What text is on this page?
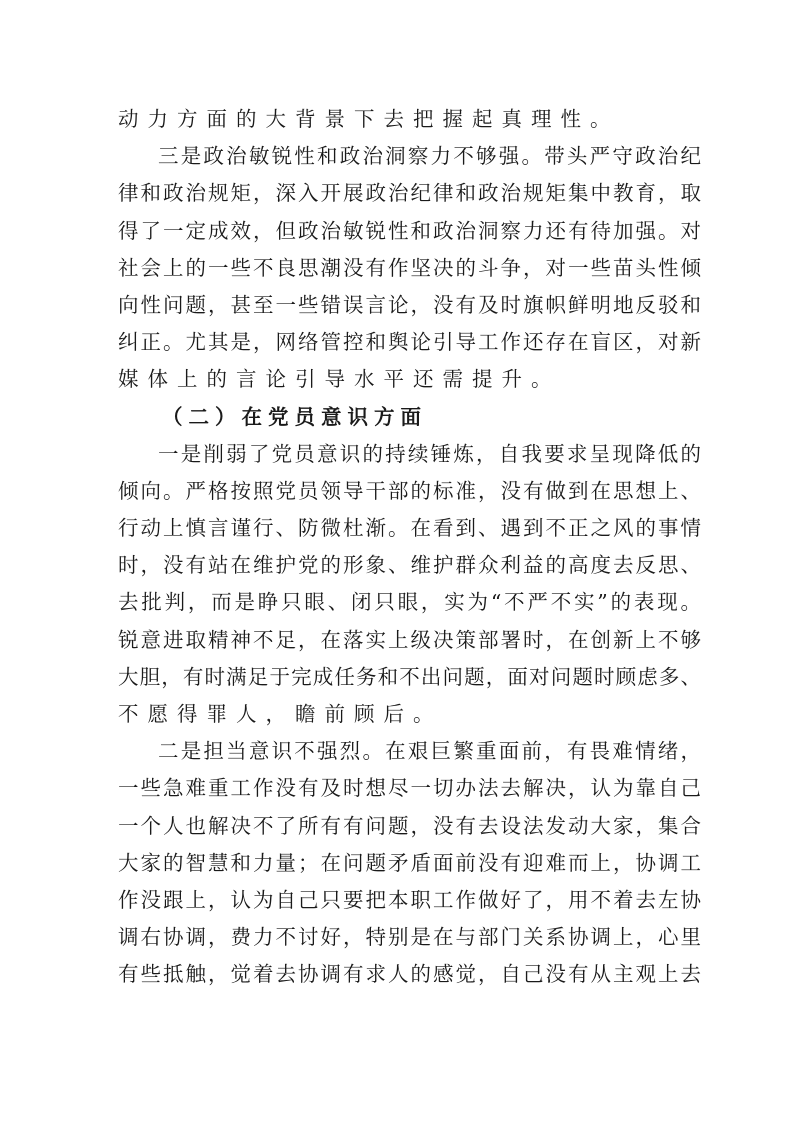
动力方面的大背景下去把握起真理性。
三是政治敏锐性和政治洞察力不够强。带头严守政治纪
律和政治规矩，深入开展政治纪律和政治规矩集中教育，取
得了一定成效，但政治敏锐性和政治洞察力还有待加强。对
社会上的一些不良思潮没有作坚决的斗争，对一些苗头性倾
向性问题，甚至一些错误言论，没有及时旗帜鲜明地反驳和
纠正。尤其是，网络管控和舆论引导工作还存在盲区，对新
媒体上的言论引导水平还需提升。
（二）在党员意识方面
一是削弱了党员意识的持续锤炼，自我要求呈现降低的
倾向。严格按照党员领导干部的标准，没有做到在思想上、
行动上慎言谨行、防微杜渐。在看到、遇到不正之风的事情
时，没有站在维护党的形象、维护群众利益的高度去反思、
去批判，而是睁只眼、闭只眼，实为“不严不实”的表现。
锐意进取精神不足，在落实上级决策部署时，在创新上不够
大胆，有时满足于完成任务和不出问题，面对问题时顾虑多、
不愿得罪人，瞻前顾后。
二是担当意识不强烈。在艰巨繁重面前，有畏难情绪，
一些急难重工作没有及时想尽一切办法去解决，认为靠自己
一个人也解决不了所有有问题，没有去设法发动大家，集合
大家的智慧和力量；在问题矛盾面前没有迎难而上，协调工
作没跟上，认为自己只要把本职工作做好了，用不着去左协
调右协调，费力不讨好，特别是在与部门关系协调上，心里
有些抵触，觉着去协调有求人的感觉，自己没有从主观上去
